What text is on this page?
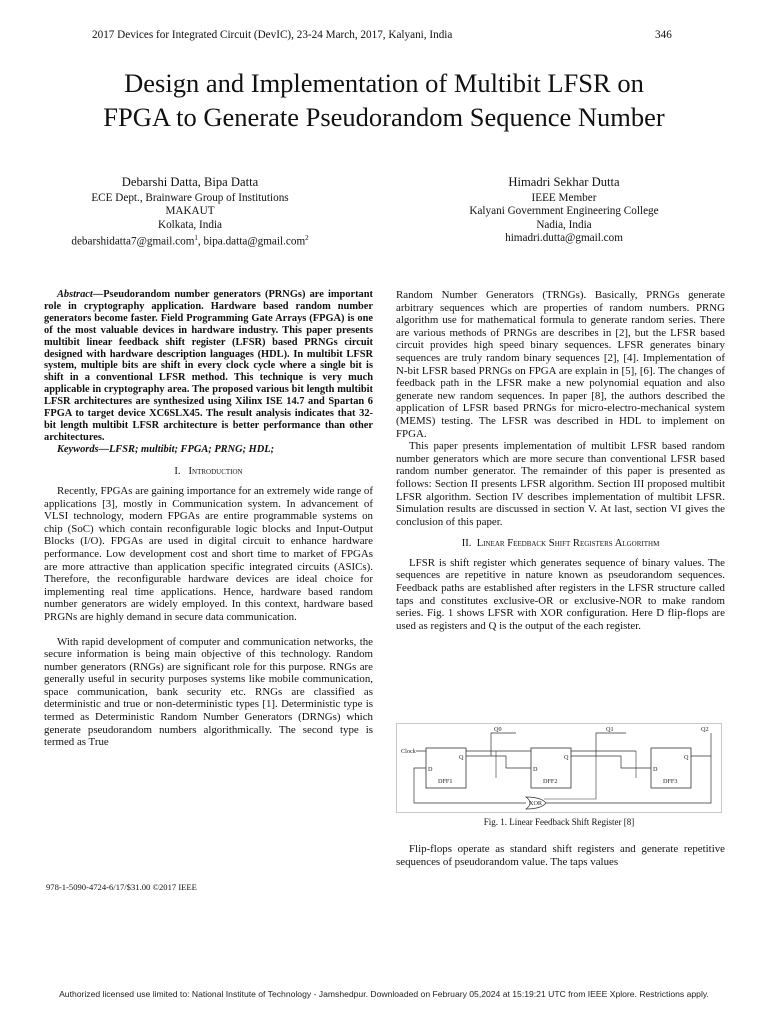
2017 Devices for Integrated Circuit (DevIC), 23-24 March, 2017, Kalyani, India	346
Design and Implementation of Multibit LFSR on
FPGA to Generate Pseudorandom Sequence Number
Debarshi Datta, Bipa Datta
ECE Dept., Brainware Group of Institutions
MAKAUT
Kolkata, India
debarshidatta7@gmail.com$^1$, bipa.datta@gmail.com$^2$
Himadri Sekhar Dutta
IEEE Member
Kalyani Government Engineering College
Nadia, India
himadri.dutta@gmail.com

Abstract—Pseudorandom number generators (PRNGs) are important role in cryptography application. Hardware based random number generators become faster. Field Programming Gate Arrays (FPGA) is one of the most valuable devices in hardware industry. This paper presents multibit linear feedback shift register (LFSR) based PRNGs circuit designed with hardware description languages (HDL). In multibit LFSR system, multiple bits are shift in every clock cycle where a single bit is shift in a conventional LFSR method. This technique is very much applicable in cryptography area. The proposed various bit length multibit LFSR architectures are synthesized using Xilinx ISE 14.7 and Spartan 6 FPGA to target device XC6SLX45. The result analysis indicates that 32-bit length multibit LFSR architecture is better performance than other architectures.

Keywords—LFSR; multibit; FPGA; PRNG; HDL;

I. Introduction

Recently, FPGAs are gaining importance for an extremely wide range of applications [3], mostly in Communication system. In advancement of VLSI technology, modern FPGAs are entire programmable systems on chip (SoC) which contain reconfigurable logic blocks and Input-Output Blocks (I/O). FPGAs are used in digital circuit to enhance hardware performance. Low development cost and short time to market of FPGAs are more attractive than application specific integrated circuits (ASICs). Therefore, the reconfigurable hardware devices are ideal choice for implementing real time applications. Hence, hardware based random number generators are widely employed. In this context, hardware based PRGNs are highly demand in secure data communication.

With rapid development of computer and communication networks, the secure information is being main objective of this technology. Random number generators (RNGs) are significant role for this purpose. RNGs are generally useful in security purposes systems like mobile communication, space communication, bank security etc. RNGs are classified as deterministic and true or non-deterministic types [1]. Deterministic type is termed as Deterministic Random Number Generators (DRNGs) which generate pseudorandom numbers algorithmically. The second type is termed as True

Random Number Generators (TRNGs). Basically, PRNGs generate arbitrary sequences which are properties of random numbers. PRNG algorithm use for mathematical formula to generate random series. There are various methods of PRNGs are describes in [2], but the LFSR based circuit provides high speed binary sequences. LFSR generates binary sequences are truly random binary sequences [2], [4]. Implementation of N-bit LFSR based PRNGs on FPGA are explain in [5], [6]. The changes of feedback path in the LFSR make a new polynomial equation and also generate new random sequences. In paper [8], the authors described the application of LFSR based PRNGs for micro-electro-mechanical system (MEMS) testing. The LFSR was described in HDL to implement on FPGA.

This paper presents implementation of multibit LFSR based random number generators which are more secure than conventional LFSR based random number generator. The remainder of this paper is presented as follows: Section II presents LFSR algorithm. Section III proposed multibit LFSR algorithm. Section IV describes implementation of multibit LFSR. Simulation results are discussed in section V. At last, section VI gives the conclusion of this paper.

II. Linear Feedback Shift Registers Algorithm

LFSR is shift register which generates sequence of binary values. The sequences are repetitive in nature known as pseudorandom sequences. Feedback paths are established after registers in the LFSR structure called taps and constitutes exclusive-OR or exclusive-NOR to make random series. Fig. 1 shows LFSR with XOR configuration. Here D flip-flops are used as registers and Q is the output of the each register.

Clock
D
Q
DFF1
D
Q
DFF2
D
Q
DFF3
Q0	Q1	Q2
XOR
Fig. 1. Linear Feedback Shift Register [8]

Flip-flops operate as standard shift registers and generate repetitive sequences of pseudorandom value. The taps values

978-1-5090-4724-6/17/$31.00 ©2017 IEEE
Authorized licensed use limited to: National Institute of Technology - Jamshedpur. Downloaded on February 05,2024 at 15:19:21 UTC from IEEE Xplore. Restrictions apply.
